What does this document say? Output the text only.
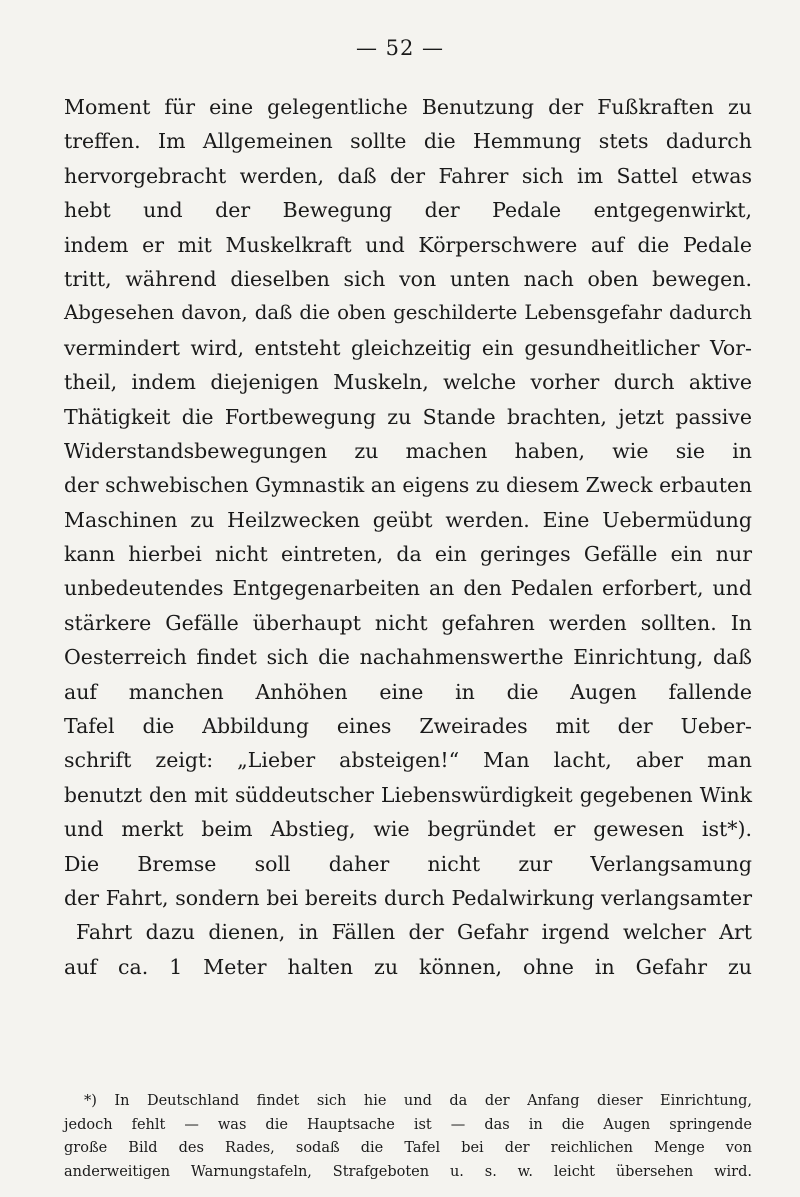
— 52 —
Moment für eine gelegentliche Benutzung der Fußkraften zu
treffen. Im Allgemeinen sollte die Hemmung stets dadurch
hervorgebracht werden, daß der Fahrer sich im Sattel etwas
hebt und der Bewegung der Pedale entgegenwirkt,
indem er mit Muskelkraft und Körperschwere auf die Pedale
tritt, während dieselben sich von unten nach oben bewegen.
Abgesehen davon, daß die oben geschilderte Lebensgefahr dadurch
vermindert wird, entsteht gleichzeitig ein gesundheitlicher Vor-
theil, indem diejenigen Muskeln, welche vorher durch aktive
Thätigkeit die Fortbewegung zu Stande brachten, jetzt passive
Widerstandsbewegungen zu machen haben, wie sie in
der schwebischen Gymnastik an eigens zu diesem Zweck erbauten
Maschinen zu Heilzwecken geübt werden. Eine Uebermüdung
kann hierbei nicht eintreten, da ein geringes Gefälle ein nur
unbedeutendes Entgegenarbeiten an den Pedalen erforbert, und
stärkere Gefälle überhaupt nicht gefahren werden sollten. In
Oesterreich findet sich die nachahmenswerthe Einrichtung, daß
auf manchen Anhöhen eine in die Augen fallende
Tafel die Abbildung eines Zweirades mit der Ueber-
schrift zeigt: „Lieber absteigen!“ Man lacht, aber man
benutzt den mit süddeutscher Liebenswürdigkeit gegebenen Wink
und merkt beim Abstieg, wie begründet er gewesen ist*).
Die Bremse soll daher nicht zur Verlangsamung
der Fahrt, sondern bei bereits durch Pedalwirkung verlangsamter
Fahrt dazu dienen, in Fällen der Gefahr irgend welcher Art
auf ca. 1 Meter halten zu können, ohne in Gefahr zu
*) In Deutschland findet sich hie und da der Anfang dieser Einrichtung,
jedoch fehlt — was die Hauptsache ist — das in die Augen springende
große Bild des Rades, sodaß die Tafel bei der reichlichen Menge von
anderweitigen Warnungstafeln, Strafgeboten u. s. w. leicht übersehen wird.
